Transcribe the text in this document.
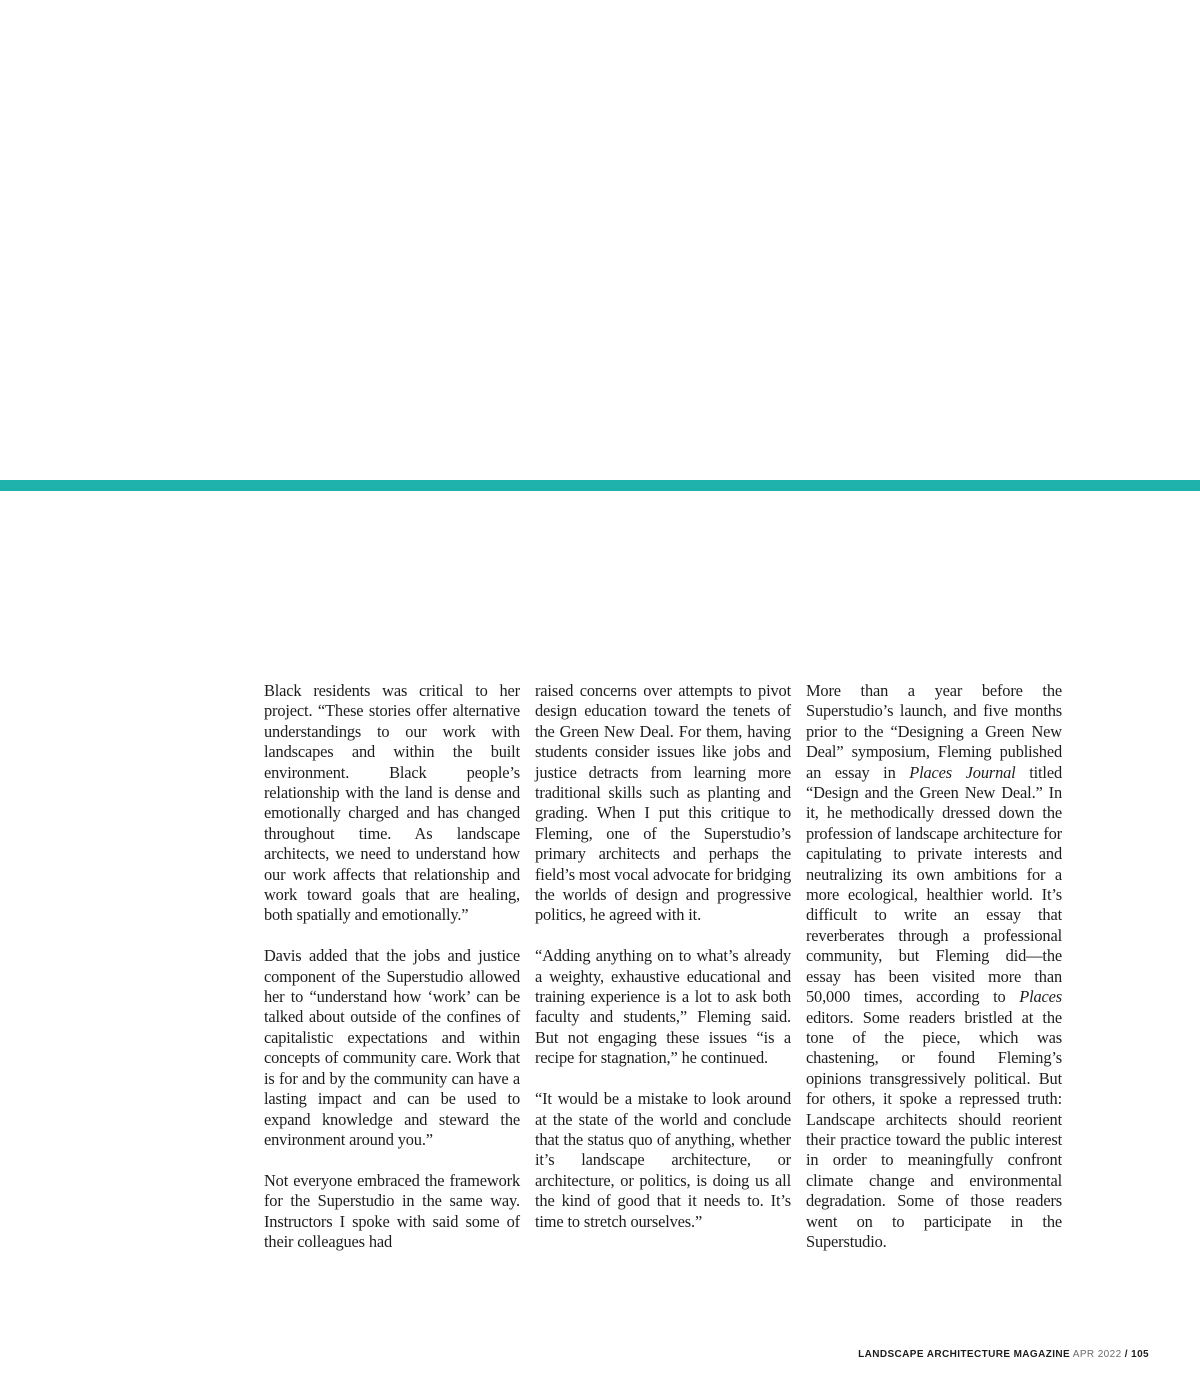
Black residents was critical to her project. “These stories offer alternative understandings to our work with landscapes and within the built environment. Black people’s relationship with the land is dense and emotionally charged and has changed throughout time. As landscape architects, we need to understand how our work affects that relationship and work toward goals that are healing, both spatially and emotionally.”

Davis added that the jobs and justice component of the Superstudio allowed her to “understand how ‘work’ can be talked about outside of the confines of capitalistic expectations and within concepts of community care. Work that is for and by the community can have a lasting impact and can be used to expand knowledge and steward the environment around you.”

Not everyone embraced the framework for the Superstudio in the same way. Instructors I spoke with said some of their colleagues had

raised concerns over attempts to pivot design education toward the tenets of the Green New Deal. For them, having students consider issues like jobs and justice detracts from learning more traditional skills such as planting and grading. When I put this critique to Fleming, one of the Superstudio’s primary architects and perhaps the field’s most vocal advocate for bridging the worlds of design and progressive politics, he agreed with it.

“Adding anything on to what’s already a weighty, exhaustive educational and training experience is a lot to ask both faculty and students,” Fleming said. But not engaging these issues “is a recipe for stagnation,” he continued.

“It would be a mistake to look around at the state of the world and conclude that the status quo of anything, whether it’s landscape architecture, or architecture, or politics, is doing us all the kind of good that it needs to. It’s time to stretch ourselves.”

More than a year before the Superstudio’s launch, and five months prior to the “Designing a Green New Deal” symposium, Fleming published an essay in Places Journal titled “Design and the Green New Deal.” In it, he methodically dressed down the profession of landscape architecture for capitulating to private interests and neutralizing its own ambitions for a more ecological, healthier world. It’s difficult to write an essay that reverberates through a professional community, but Fleming did—the essay has been visited more than 50,000 times, according to Places editors. Some readers bristled at the tone of the piece, which was chastening, or found Fleming’s opinions transgressively political. But for others, it spoke a repressed truth: Landscape architects should reorient their practice toward the public interest in order to meaningfully confront climate change and environmental degradation. Some of those readers went on to participate in the Superstudio.

LANDSCAPE ARCHITECTURE MAGAZINE APR 2022 / 105
